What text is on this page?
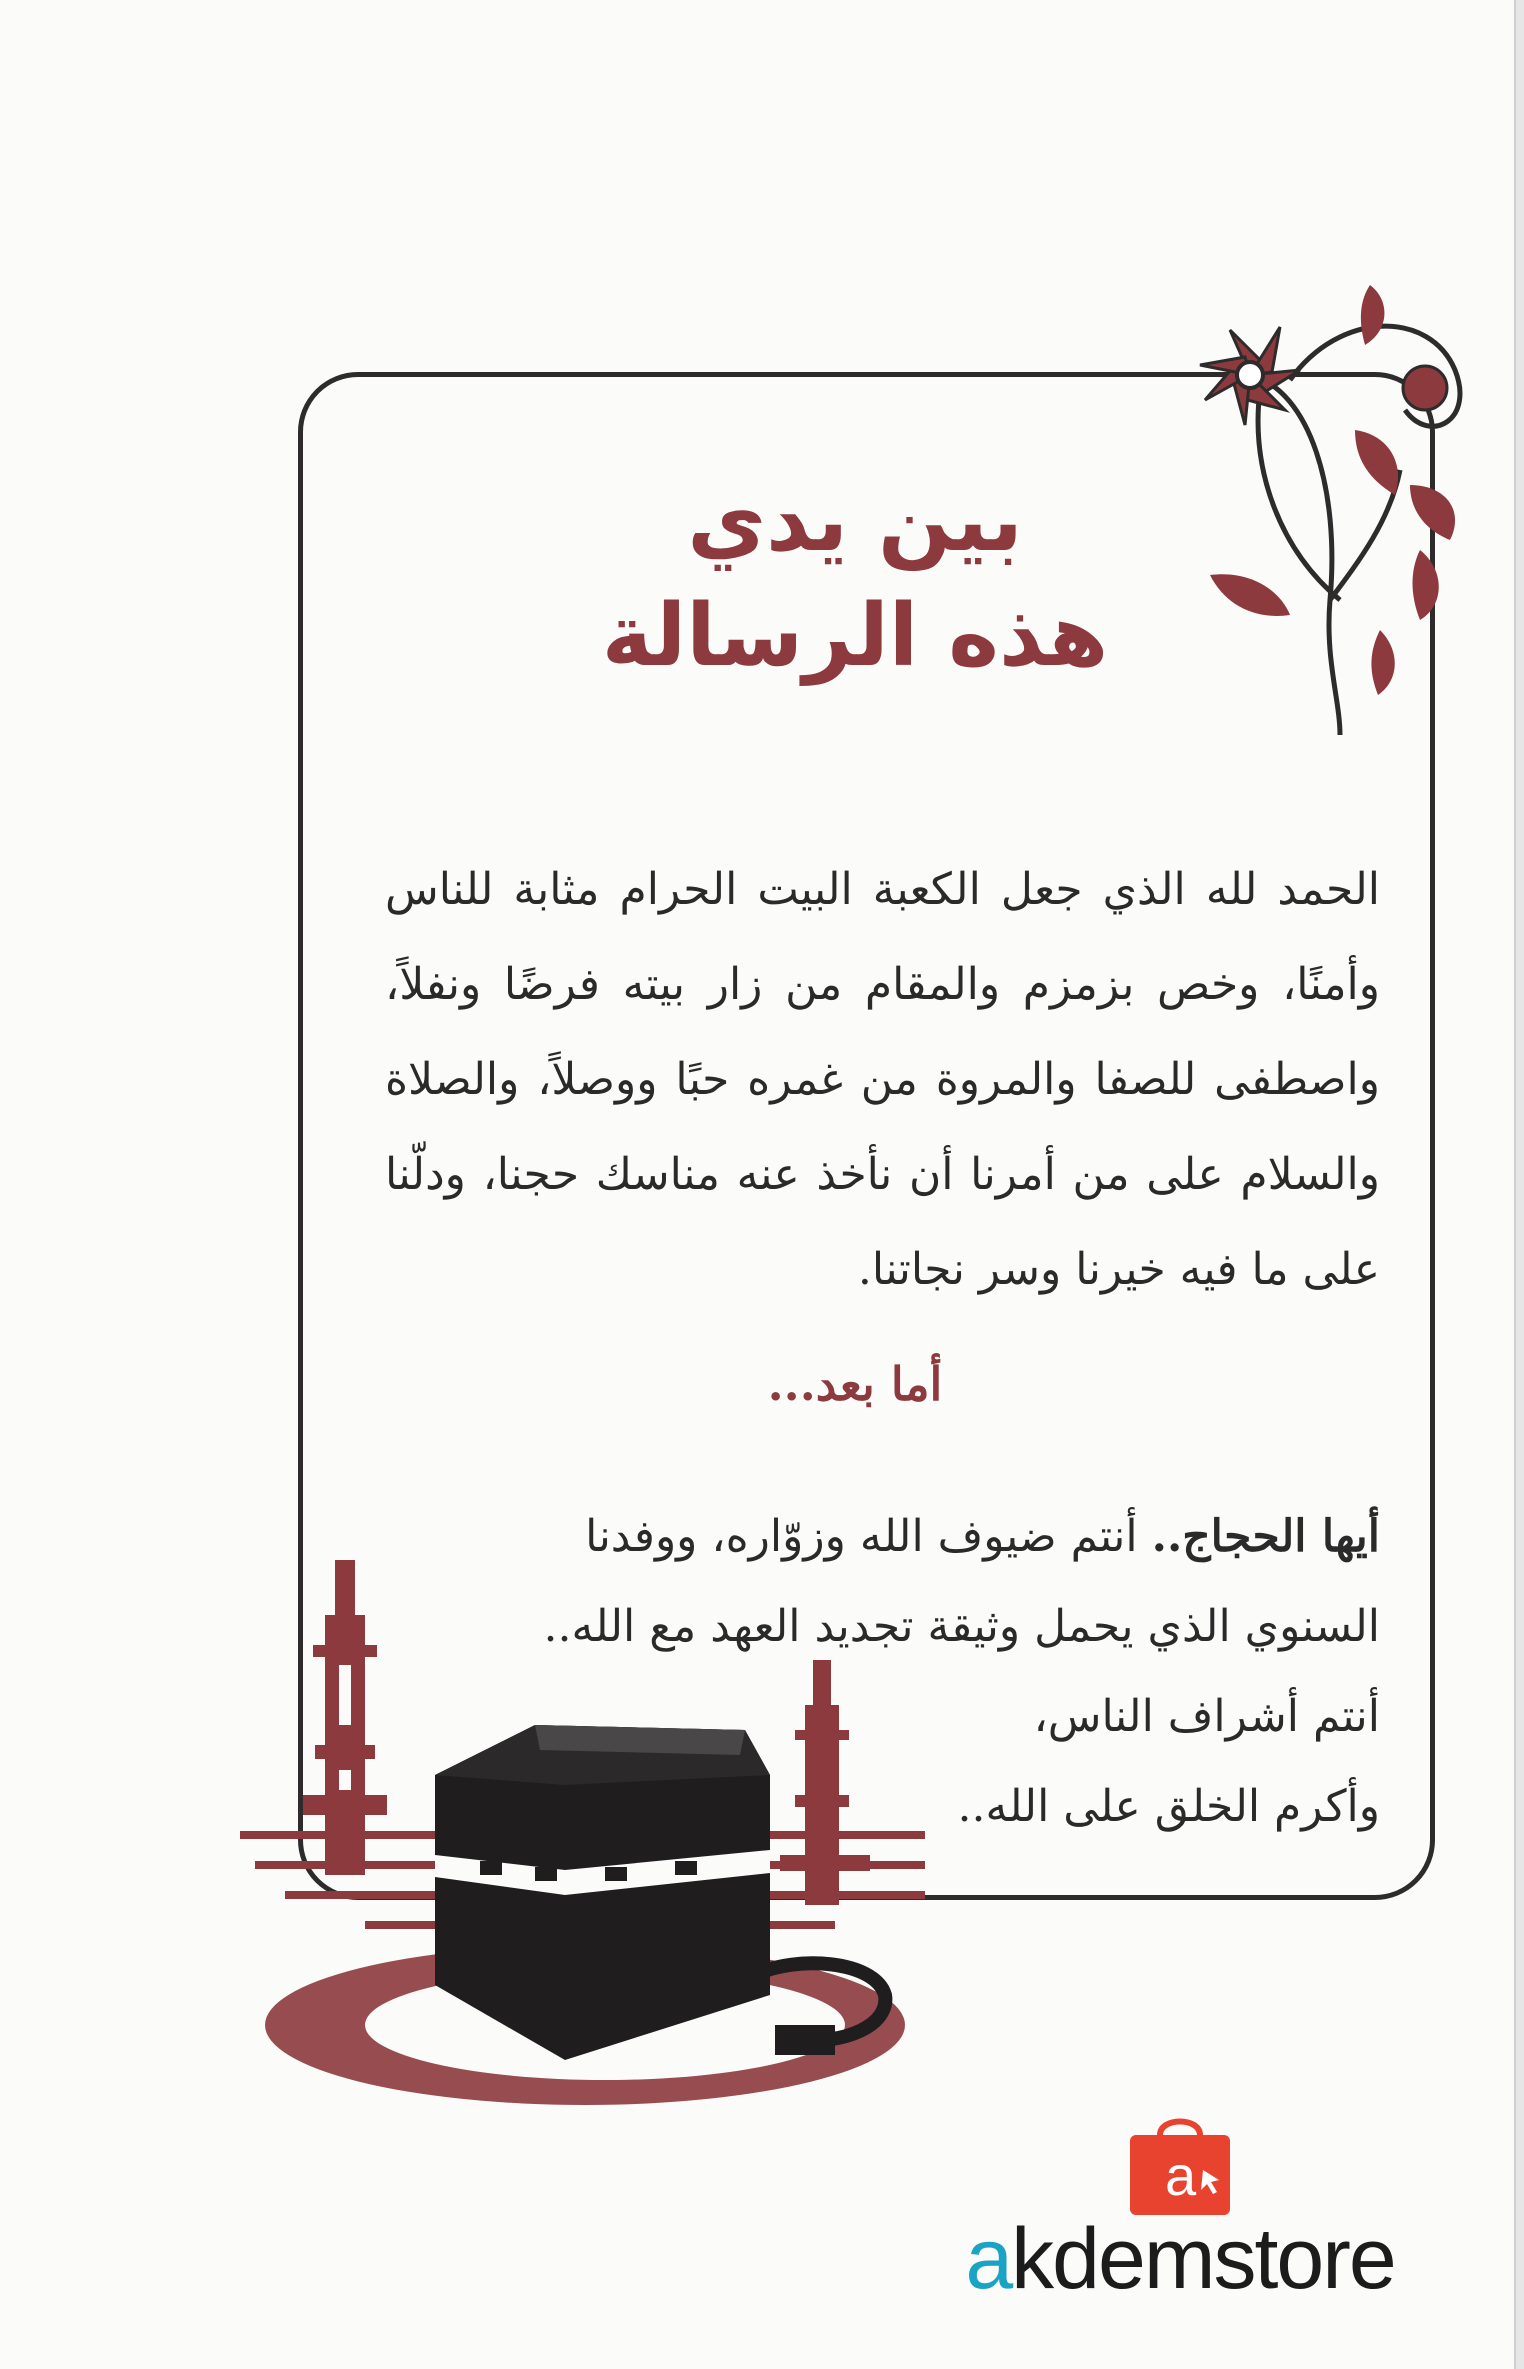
بين يدي
هذه الرسالة

الحمد لله الذي جعل الكعبة البيت الحرام مثابة للناس وأمنًا، وخص بزمزم والمقام من زار بيته فرضًا ونفلاً، واصطفى للصفا والمروة من غمره حبًا ووصلاً، والصلاة والسلام على من أمرنا أن نأخذ عنه مناسك حجنا، ودلّنا على ما فيه خيرنا وسر نجاتنا.

أما بعد...
أيها الحجاج.. أنتم ضيوف الله وزوّاره، ووفدنا
السنوي الذي يحمل وثيقة تجديد العهد مع الله..
أنتم أشراف الناس،
وأكرم الخلق على الله..
a
akdemstore
